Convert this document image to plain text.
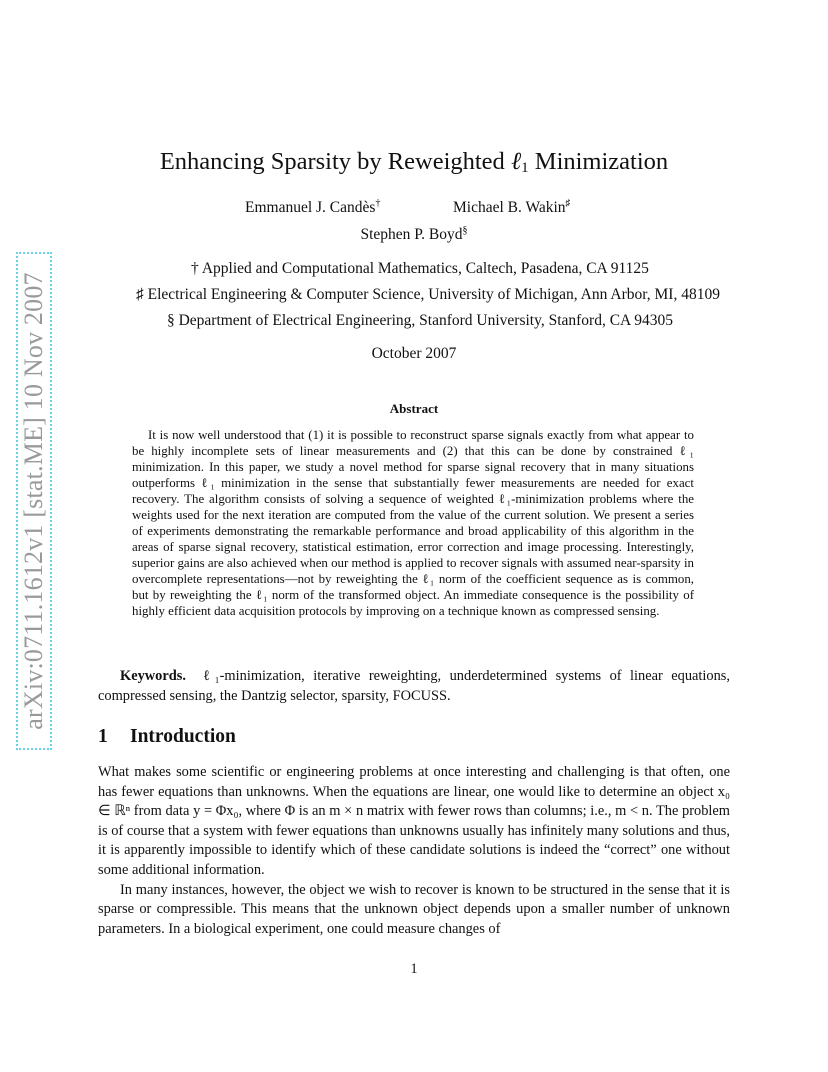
arXiv:0711.1612v1 [stat.ME] 10 Nov 2007
Enhancing Sparsity by Reweighted ℓ$_1$ Minimization
Emmanuel J. Candès†	Michael B. Wakin♯
Stephen P. Boyd§
† Applied and Computational Mathematics, Caltech, Pasadena, CA 91125
♯ Electrical Engineering & Computer Science, University of Michigan, Ann Arbor, MI, 48109
§ Department of Electrical Engineering, Stanford University, Stanford, CA 94305
October 2007
Abstract

It is now well understood that (1) it is possible to reconstruct sparse signals exactly from what appear to be highly incomplete sets of linear measurements and (2) that this can be done by constrained ℓ₁ minimization. In this paper, we study a novel method for sparse signal recovery that in many situations outperforms ℓ₁ minimization in the sense that substantially fewer measurements are needed for exact recovery. The algorithm consists of solving a sequence of weighted ℓ₁-minimization problems where the weights used for the next iteration are computed from the value of the current solution. We present a series of experiments demonstrating the remarkable performance and broad applicability of this algorithm in the areas of sparse signal recovery, statistical estimation, error correction and image processing. Interestingly, superior gains are also achieved when our method is applied to recover signals with assumed near-sparsity in overcomplete representations—not by reweighting the ℓ₁ norm of the coefficient sequence as is common, but by reweighting the ℓ₁ norm of the transformed object. An immediate consequence is the possibility of highly efficient data acquisition protocols by improving on a technique known as compressed sensing.

Keywords. ℓ₁-minimization, iterative reweighting, underdetermined systems of linear equations, compressed sensing, the Dantzig selector, sparsity, FOCUSS.
1 Introduction

What makes some scientific or engineering problems at once interesting and challenging is that often, one has fewer equations than unknowns. When the equations are linear, one would like to determine an object x₀ ∈ ℝⁿ from data y = Φx₀, where Φ is an m × n matrix with fewer rows than columns; i.e., m < n. The problem is of course that a system with fewer equations than unknowns usually has infinitely many solutions and thus, it is apparently impossible to identify which of these candidate solutions is indeed the “correct” one without some additional information.

In many instances, however, the object we wish to recover is known to be structured in the sense that it is sparse or compressible. This means that the unknown object depends upon a smaller number of unknown parameters. In a biological experiment, one could measure changes of

1
